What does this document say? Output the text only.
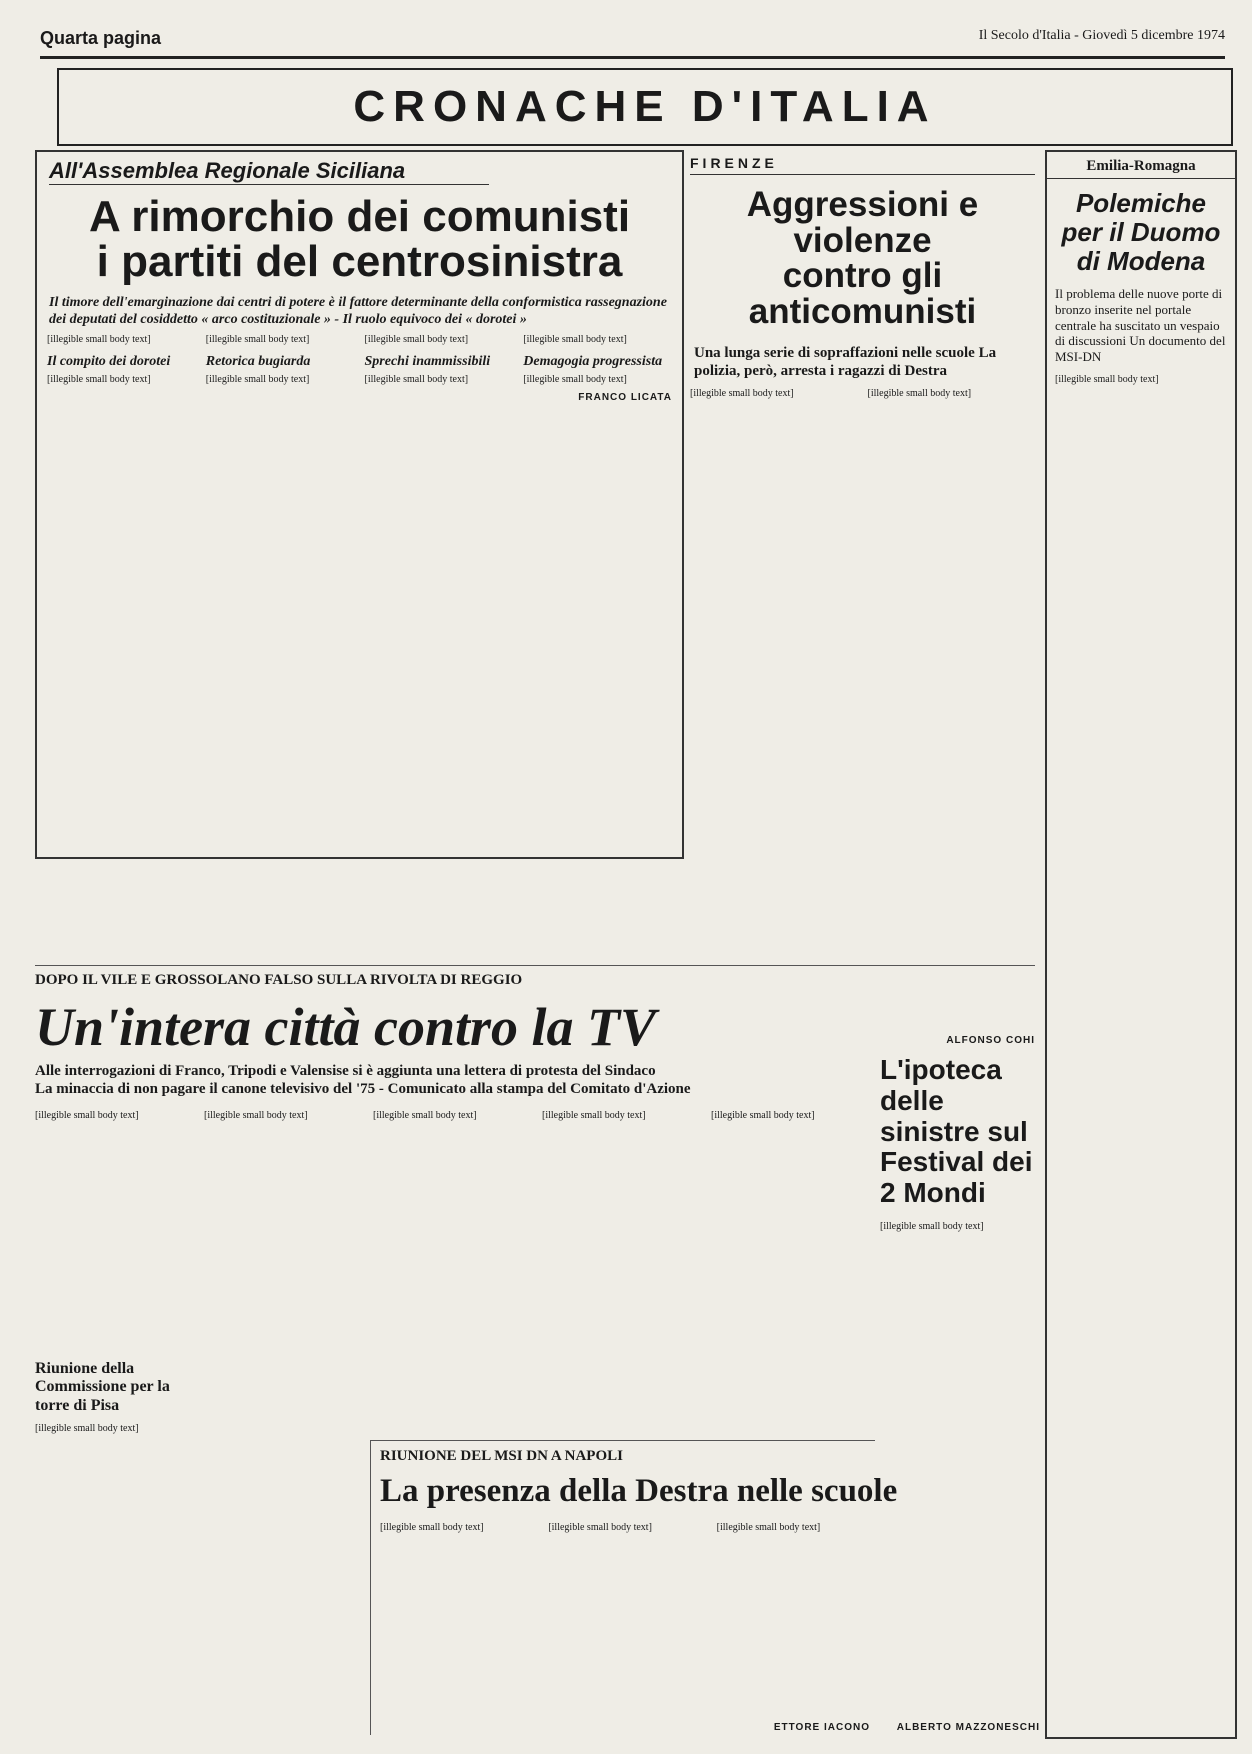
Quarta pagina	Il Secolo d'Italia - Giovedì 5 dicembre 1974
CRONACHE D'ITALIA
All'Assemblea Regionale Siciliana
A rimorchio dei comunisti
i partiti del centrosinistra
Il timore dell'emarginazione dai centri di potere è il fattore determinante della conformistica rassegnazione dei deputati del cosiddetto « arco costituzionale » - Il ruolo equivoco dei « dorotei »

[illegible small body text]

Il compito dei dorotei

[illegible small body text]

[illegible small body text]

Retorica bugiarda

[illegible small body text]

[illegible small body text]

Sprechi inammissibili

[illegible small body text]

[illegible small body text]

Demagogia progressista

[illegible small body text]

FRANCO LICATA
FIRENZE
Aggressioni e violenze
contro gli anticomunisti
Una lunga serie di sopraffazioni nelle scuole La polizia, però, arresta i ragazzi di Destra

[illegible small body text]	[illegible small body text]

ALFONSO COHI
Emilia-Romagna
Polemiche per il Duomo di Modena
Il problema delle nuove porte di bronzo inserite nel portale centrale ha suscitato un vespaio di discussioni Un documento del MSI-DN

[illegible small body text]

DOPO IL VILE E GROSSOLANO FALSO SULLA RIVOLTA DI REGGIO
Un'intera città contro la TV
Alle interrogazioni di Franco, Tripodi e Valensise si è aggiunta una lettera di protesta del Sindaco
La minaccia di non pagare il canone televisivo del '75 - Comunicato alla stampa del Comitato d'Azione

[illegible small body text]	[illegible small body text]	[illegible small body text]	[illegible small body text]	[illegible small body text]

Riunione della Commissione per la torre di Pisa

[illegible small body text]

L'ipoteca delle sinistre sul Festival dei 2 Mondi

[illegible small body text]

RIUNIONE DEL MSI DN A NAPOLI
La presenza della Destra nelle scuole

[illegible small body text]	[illegible small body text]	[illegible small body text]

ETTORE IACONO	ALBERTO MAZZONESCHI
